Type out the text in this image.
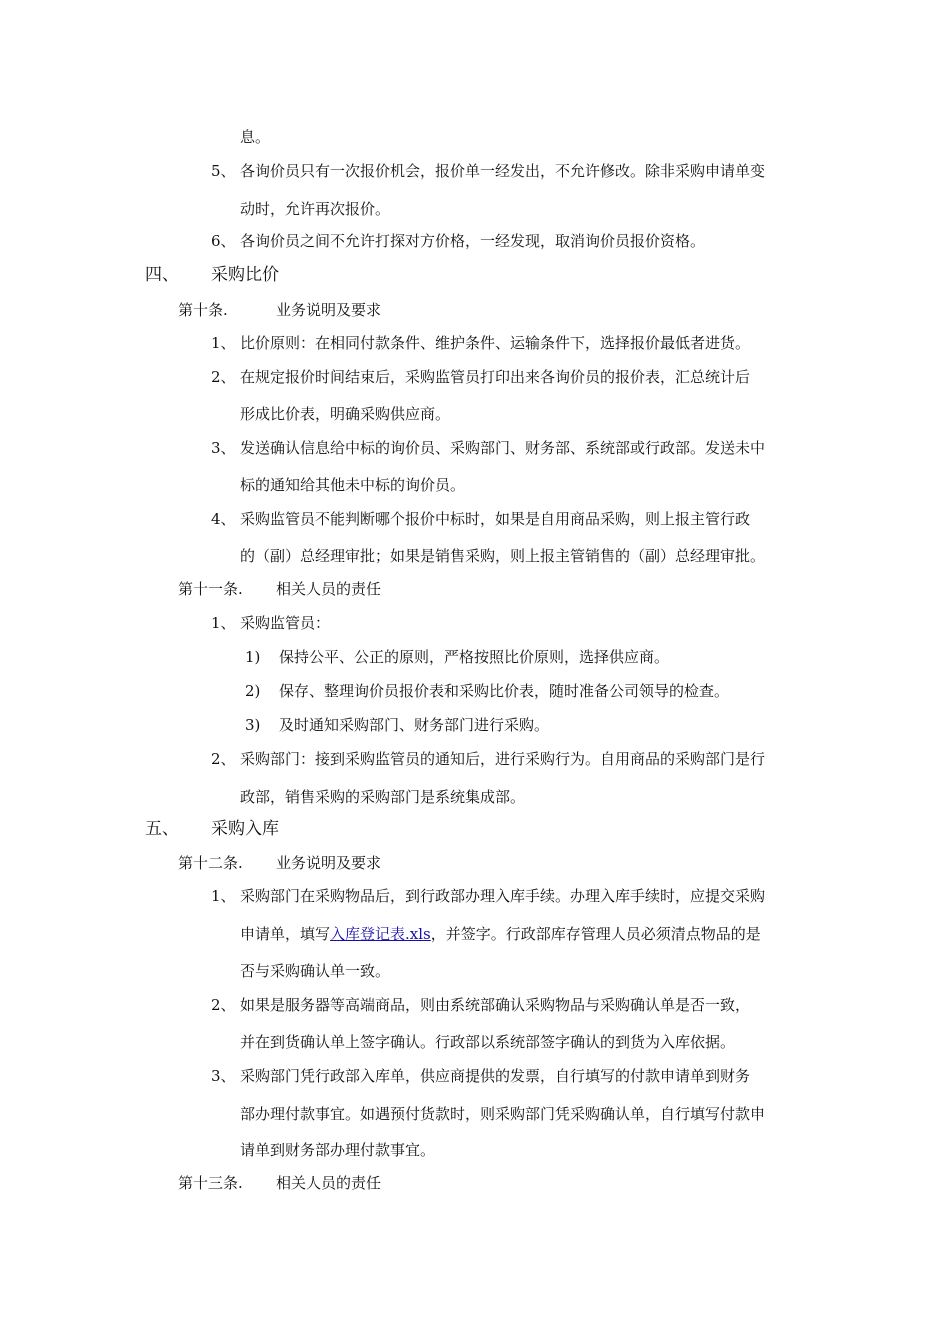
息。
5、 各询价员只有一次报价机会，报价单一经发出，不允许修改。除非采购申请单变
动时，允许再次报价。
6、 各询价员之间不允许打探对方价格，一经发现，取消询价员报价资格。
四、 采购比价
第十条.	业务说明及要求
1、 比价原则：在相同付款条件、维护条件、运输条件下，选择报价最低者进货。
2、 在规定报价时间结束后，采购监管员打印出来各询价员的报价表，汇总统计后
形成比价表，明确采购供应商。
3、 发送确认信息给中标的询价员、采购部门、财务部、系统部或行政部。发送未中
标的通知给其他未中标的询价员。
4、 采购监管员不能判断哪个报价中标时，如果是自用商品采购，则上报主管行政
的（副）总经理审批；如果是销售采购，则上报主管销售的（副）总经理审批。
第十一条. 相关人员的责任
1、 采购监管员：
1) 保持公平、公正的原则，严格按照比价原则，选择供应商。
2) 保存、整理询价员报价表和采购比价表，随时准备公司领导的检查。
3) 及时通知采购部门、财务部门进行采购。
2、 采购部门：接到采购监管员的通知后，进行采购行为。自用商品的采购部门是行
政部，销售采购的采购部门是系统集成部。
五、 采购入库
第十二条. 业务说明及要求
1、 采购部门在采购物品后，到行政部办理入库手续。办理入库手续时，应提交采购
申请单，填写入库登记表.xls，并签字。行政部库存管理人员必须清点物品的是
否与采购确认单一致。
2、 如果是服务器等高端商品，则由系统部确认采购物品与采购确认单是否一致，
并在到货确认单上签字确认。行政部以系统部签字确认的到货为入库依据。
3、 采购部门凭行政部入库单，供应商提供的发票，自行填写的付款申请单到财务
部办理付款事宜。如遇预付货款时，则采购部门凭采购确认单，自行填写付款申
请单到财务部办理付款事宜。
第十三条. 相关人员的责任
